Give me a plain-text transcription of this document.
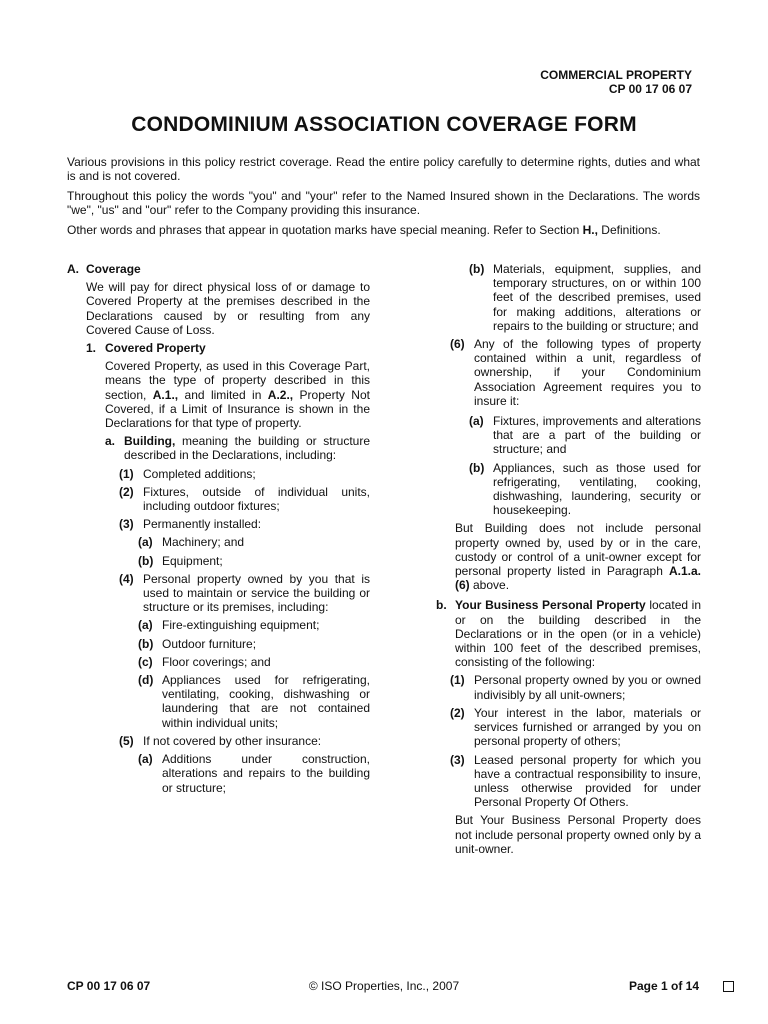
COMMERCIAL PROPERTY
CP 00 17 06 07
CONDOMINIUM ASSOCIATION COVERAGE FORM

Various provisions in this policy restrict coverage. Read the entire policy carefully to determine rights, duties and what is and is not covered.

Throughout this policy the words "you" and "your" refer to the Named Insured shown in the Declarations. The words "we", "us" and "our" refer to the Company providing this insurance.

Other words and phrases that appear in quotation marks have special meaning. Refer to Section H., Definitions.

A. Coverage
We will pay for direct physical loss of or damage to Covered Property at the premises described in the Declarations caused by or resulting from any Covered Cause of Loss.
1. Covered Property
Covered Property, as used in this Coverage Part, means the type of property described in this section, A.1., and limited in A.2., Property Not Covered, if a Limit of Insurance is shown in the Declarations for that type of property.
a. Building, meaning the building or structure described in the Declarations, including:
(1) Completed additions;
(2) Fixtures, outside of individual units, including outdoor fixtures;
(3) Permanently installed:
(a) Machinery; and
(b) Equipment;
(4) Personal property owned by you that is used to maintain or service the building or structure or its premises, including:
(a) Fire-extinguishing equipment;
(b) Outdoor furniture;
(c) Floor coverings; and
(d) Appliances used for refrigerating, ventilating, cooking, dishwashing or laundering that are not contained within individual units;
(5) If not covered by other insurance:
(a) Additions under construction, alterations and repairs to the building or structure;
(b) Materials, equipment, supplies, and temporary structures, on or within 100 feet of the described premises, used for making additions, alterations or repairs to the building or structure; and
(6) Any of the following types of property contained within a unit, regardless of ownership, if your Condominium Association Agreement requires you to insure it:
(a) Fixtures, improvements and alterations that are a part of the building or structure; and
(b) Appliances, such as those used for refrigerating, ventilating, cooking, dishwashing, laundering, security or housekeeping.
But Building does not include personal property owned by, used by or in the care, custody or control of a unit-owner except for personal property listed in Paragraph A.1.a.(6) above.
b. Your Business Personal Property located in or on the building described in the Declarations or in the open (or in a vehicle) within 100 feet of the described premises, consisting of the following:
(1) Personal property owned by you or owned indivisibly by all unit-owners;
(2) Your interest in the labor, materials or services furnished or arranged by you on personal property of others;
(3) Leased personal property for which you have a contractual responsibility to insure, unless otherwise provided for under Personal Property Of Others.
But Your Business Personal Property does not include personal property owned only by a unit-owner.
CP 00 17 06 07	© ISO Properties, Inc., 2007	Page 1 of 14
